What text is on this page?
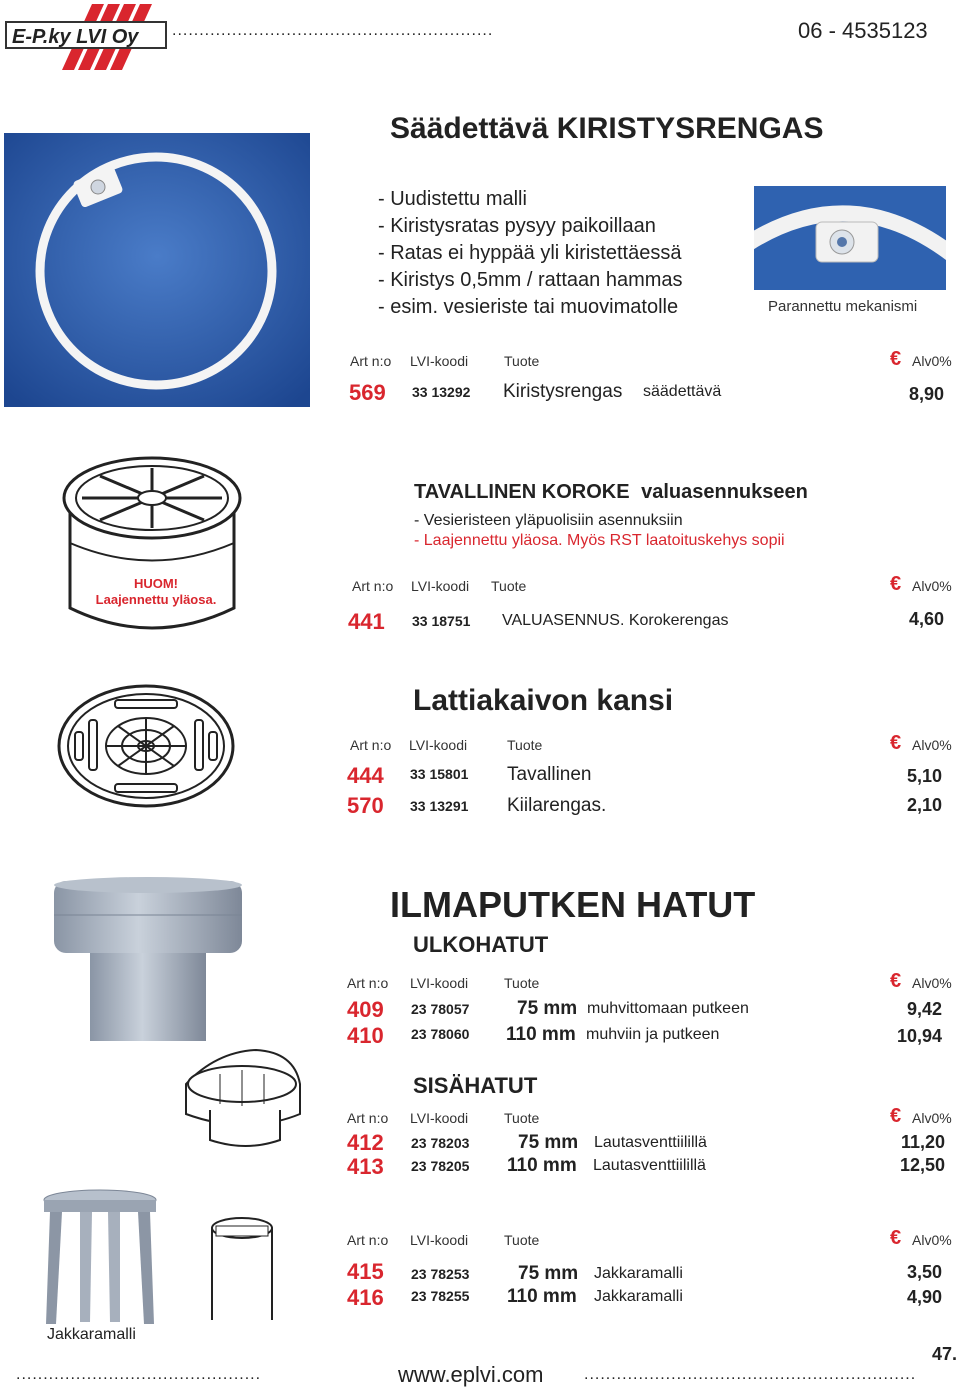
E-P.ky LVI Oy ...........................................................	06 - 4535123
Säädettävä KIRISTYSRENGAS
- Uudistettu malli
- Kiristysratas pysyy paikoillaan
- Ratas ei hyppää yli kiristettäessä
- Kiristys 0,5mm / rattaan hammas
- esim. vesieriste tai muovimatolle	Parannettu mekanismi
Art n:o LVI-koodi	Tuote	€ Alv0%
569 33 13292 Kiristysrengas säädettävä	8,90
HUOM!
Laajennettu yläosa.
TAVALLINEN KOROKE valuasennukseen
- Vesieristeen yläpuolisiin asennuksiin
- Laajennettu yläosa. Myös RST laatoituskehys sopii
Art n:o LVI-koodi Tuote	€ Alv0%
441 33 18751 VALUASENNUS. Korokerengas	4,60
Lattiakaivon kansi
Art n:o LVI-koodi	Tuote	€ Alv0%
444 33 15801 Tavallinen	5,10
570 33 13291 Kiilarengas.	2,10
ILMAPUTKEN HATUT
ULKOHATUT
Art n:o LVI-koodi	Tuote	€ Alv0%
409 23 78057	75 mm muhvittomaan putkeen	9,42
410 23 78060 110 mm muhviin ja putkeen	10,94
SISÄHATUT
Art n:o LVI-koodi	Tuote	€ Alv0%
412 23 78203	75 mm Lautasventtiilillä	11,20
413 23 78205 110 mm Lautasventtiilillä	12,50
Art n:o LVI-koodi	Tuote	€ Alv0%
415 23 78253	75 mm Jakkaramalli	3,50
416 23 78255 110 mm Jakkaramalli	4,90
Jakkaramalli
.............................................	www.eplvi.com	.............................................................
47.
